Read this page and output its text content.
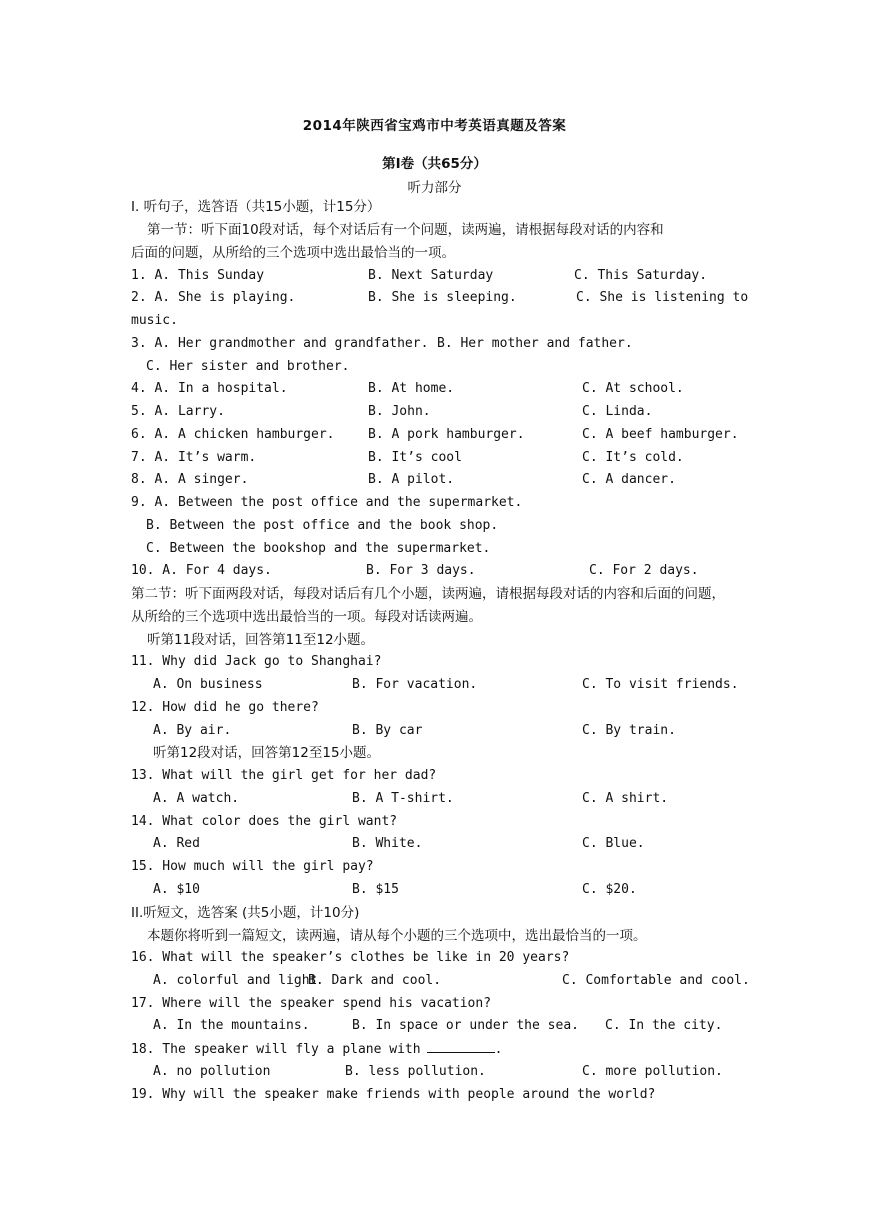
2014年陕西省宝鸡市中考英语真题及答案
第Ⅰ卷（共65分）
听力部分
I. 听句子，选答语（共15小题，计15分）
第一节：听下面10段对话，每个对话后有一个问题，读两遍，请根据每段对话的内容和
后面的问题，从所给的三个选项中选出最恰当的一项。
1. A. This Sunday	B. Next Saturday	C. This Saturday.
2. A. She is playing.	B. She is sleeping.	C. She is listening to
music.
3. A. Her grandmother and grandfather. B. Her mother and father.
C. Her sister and brother.
4. A. In a hospital.	B. At home.	C. At school.
5. A. Larry.	B. John.	C. Linda.
6. A. A chicken hamburger.	B. A pork hamburger.	C. A beef hamburger.
7. A. It’s warm.	B. It’s cool	C. It’s cold.
8. A. A singer.	B. A pilot.	C. A dancer.
9. A. Between the post office and the supermarket.
B. Between the post office and the book shop.
C. Between the bookshop and the supermarket.
10. A. For 4 days.	B. For 3 days.	C. For 2 days.
第二节：听下面两段对话，每段对话后有几个小题，读两遍，请根据每段对话的内容和后面的问题，
从所给的三个选项中选出最恰当的一项。每段对话读两遍。
听第11段对话，回答第11至12小题。
11. Why did Jack go to Shanghai?
A. On business	B. For vacation.	C. To visit friends.
12. How did he go there?
A. By air.	B. By car	C. By train.
听第12段对话，回答第12至15小题。
13. What will the girl get for her dad?
A. A watch.	B. A T-shirt.	C. A shirt.
14. What color does the girl want?
A. Red	B. White.	C. Blue.
15. How much will the girl pay?
A. $10	B. $15	C. $20.
II.听短文，选答案 (共5小题，计10分)
本题你将听到一篇短文，读两遍，请从每个小题的三个选项中，选出最恰当的一项。
16. What will the speaker’s clothes be like in 20 years?
A. colorful and light
B. Dark and cool.	C. Comfortable and cool.
17. Where will the speaker spend his vacation?
A. In the mountains.	B. In space or under the sea. C. In the city.
18. The speaker will fly a plane with	.
A. no pollution	B. less pollution.	C. more pollution.
19. Why will the speaker make friends with people around the world?
